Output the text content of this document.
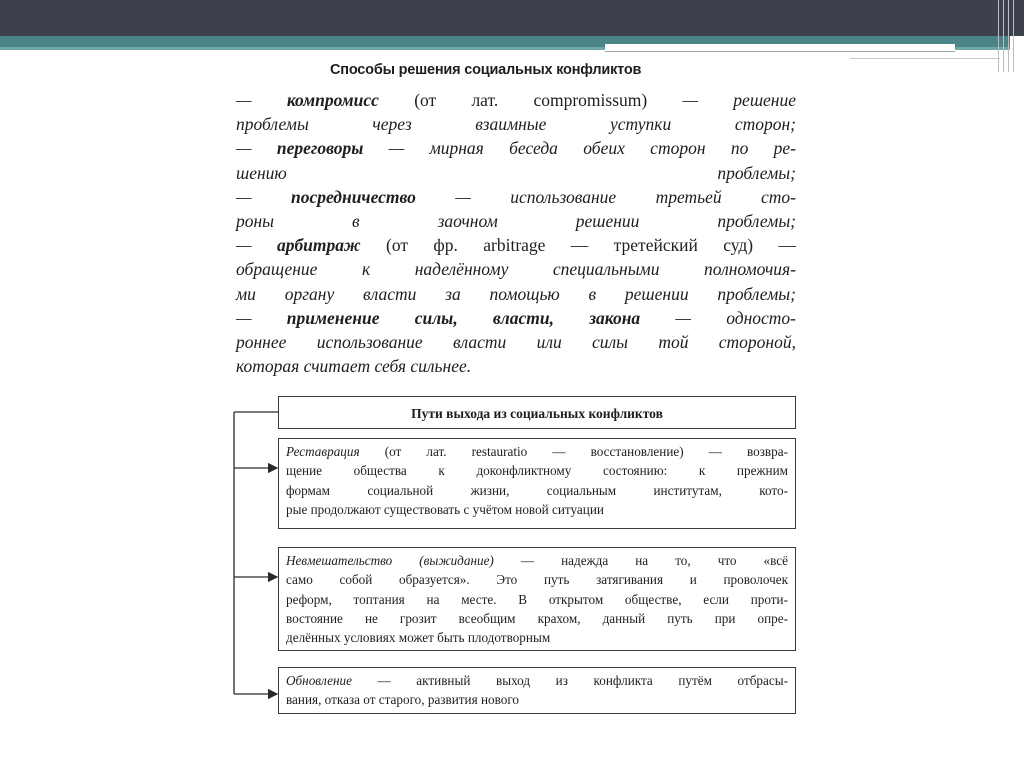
Способы решения социальных конфликтов
— компромисс (от лат. compromissum) — решение
проблемы через взаимные уступки сторон;
— переговоры — мирная беседа обеих сторон по ре-
шению проблемы;
— посредничество — использование третьей сто-
роны в заочном решении проблемы;
— арбитраж (от фр. arbitrage — третейский суд) —
обращение к наделённому специальными полномочия-
ми органу власти за помощью в решении проблемы;
— применение силы, власти, закона — односто-
роннее использование власти или силы той стороной,
которая считает себя сильнее.
Пути выхода из социальных конфликтов
Реставрация (от лат. restauratio — восстановление) — возвра-
щение общества к доконфликтному состоянию: к прежним
формам социальной жизни, социальным институтам, кото-
рые продолжают существовать с учётом новой ситуации
Невмешательство (выжидание) — надежда на то, что «всё
само собой образуется». Это путь затягивания и проволочек
реформ, топтания на месте. В открытом обществе, если проти-
востояние не грозит всеобщим крахом, данный путь при опре-
делённых условиях может быть плодотворным
Обновление — активный выход из конфликта путём отбрасы-
вания, отказа от старого, развития нового
